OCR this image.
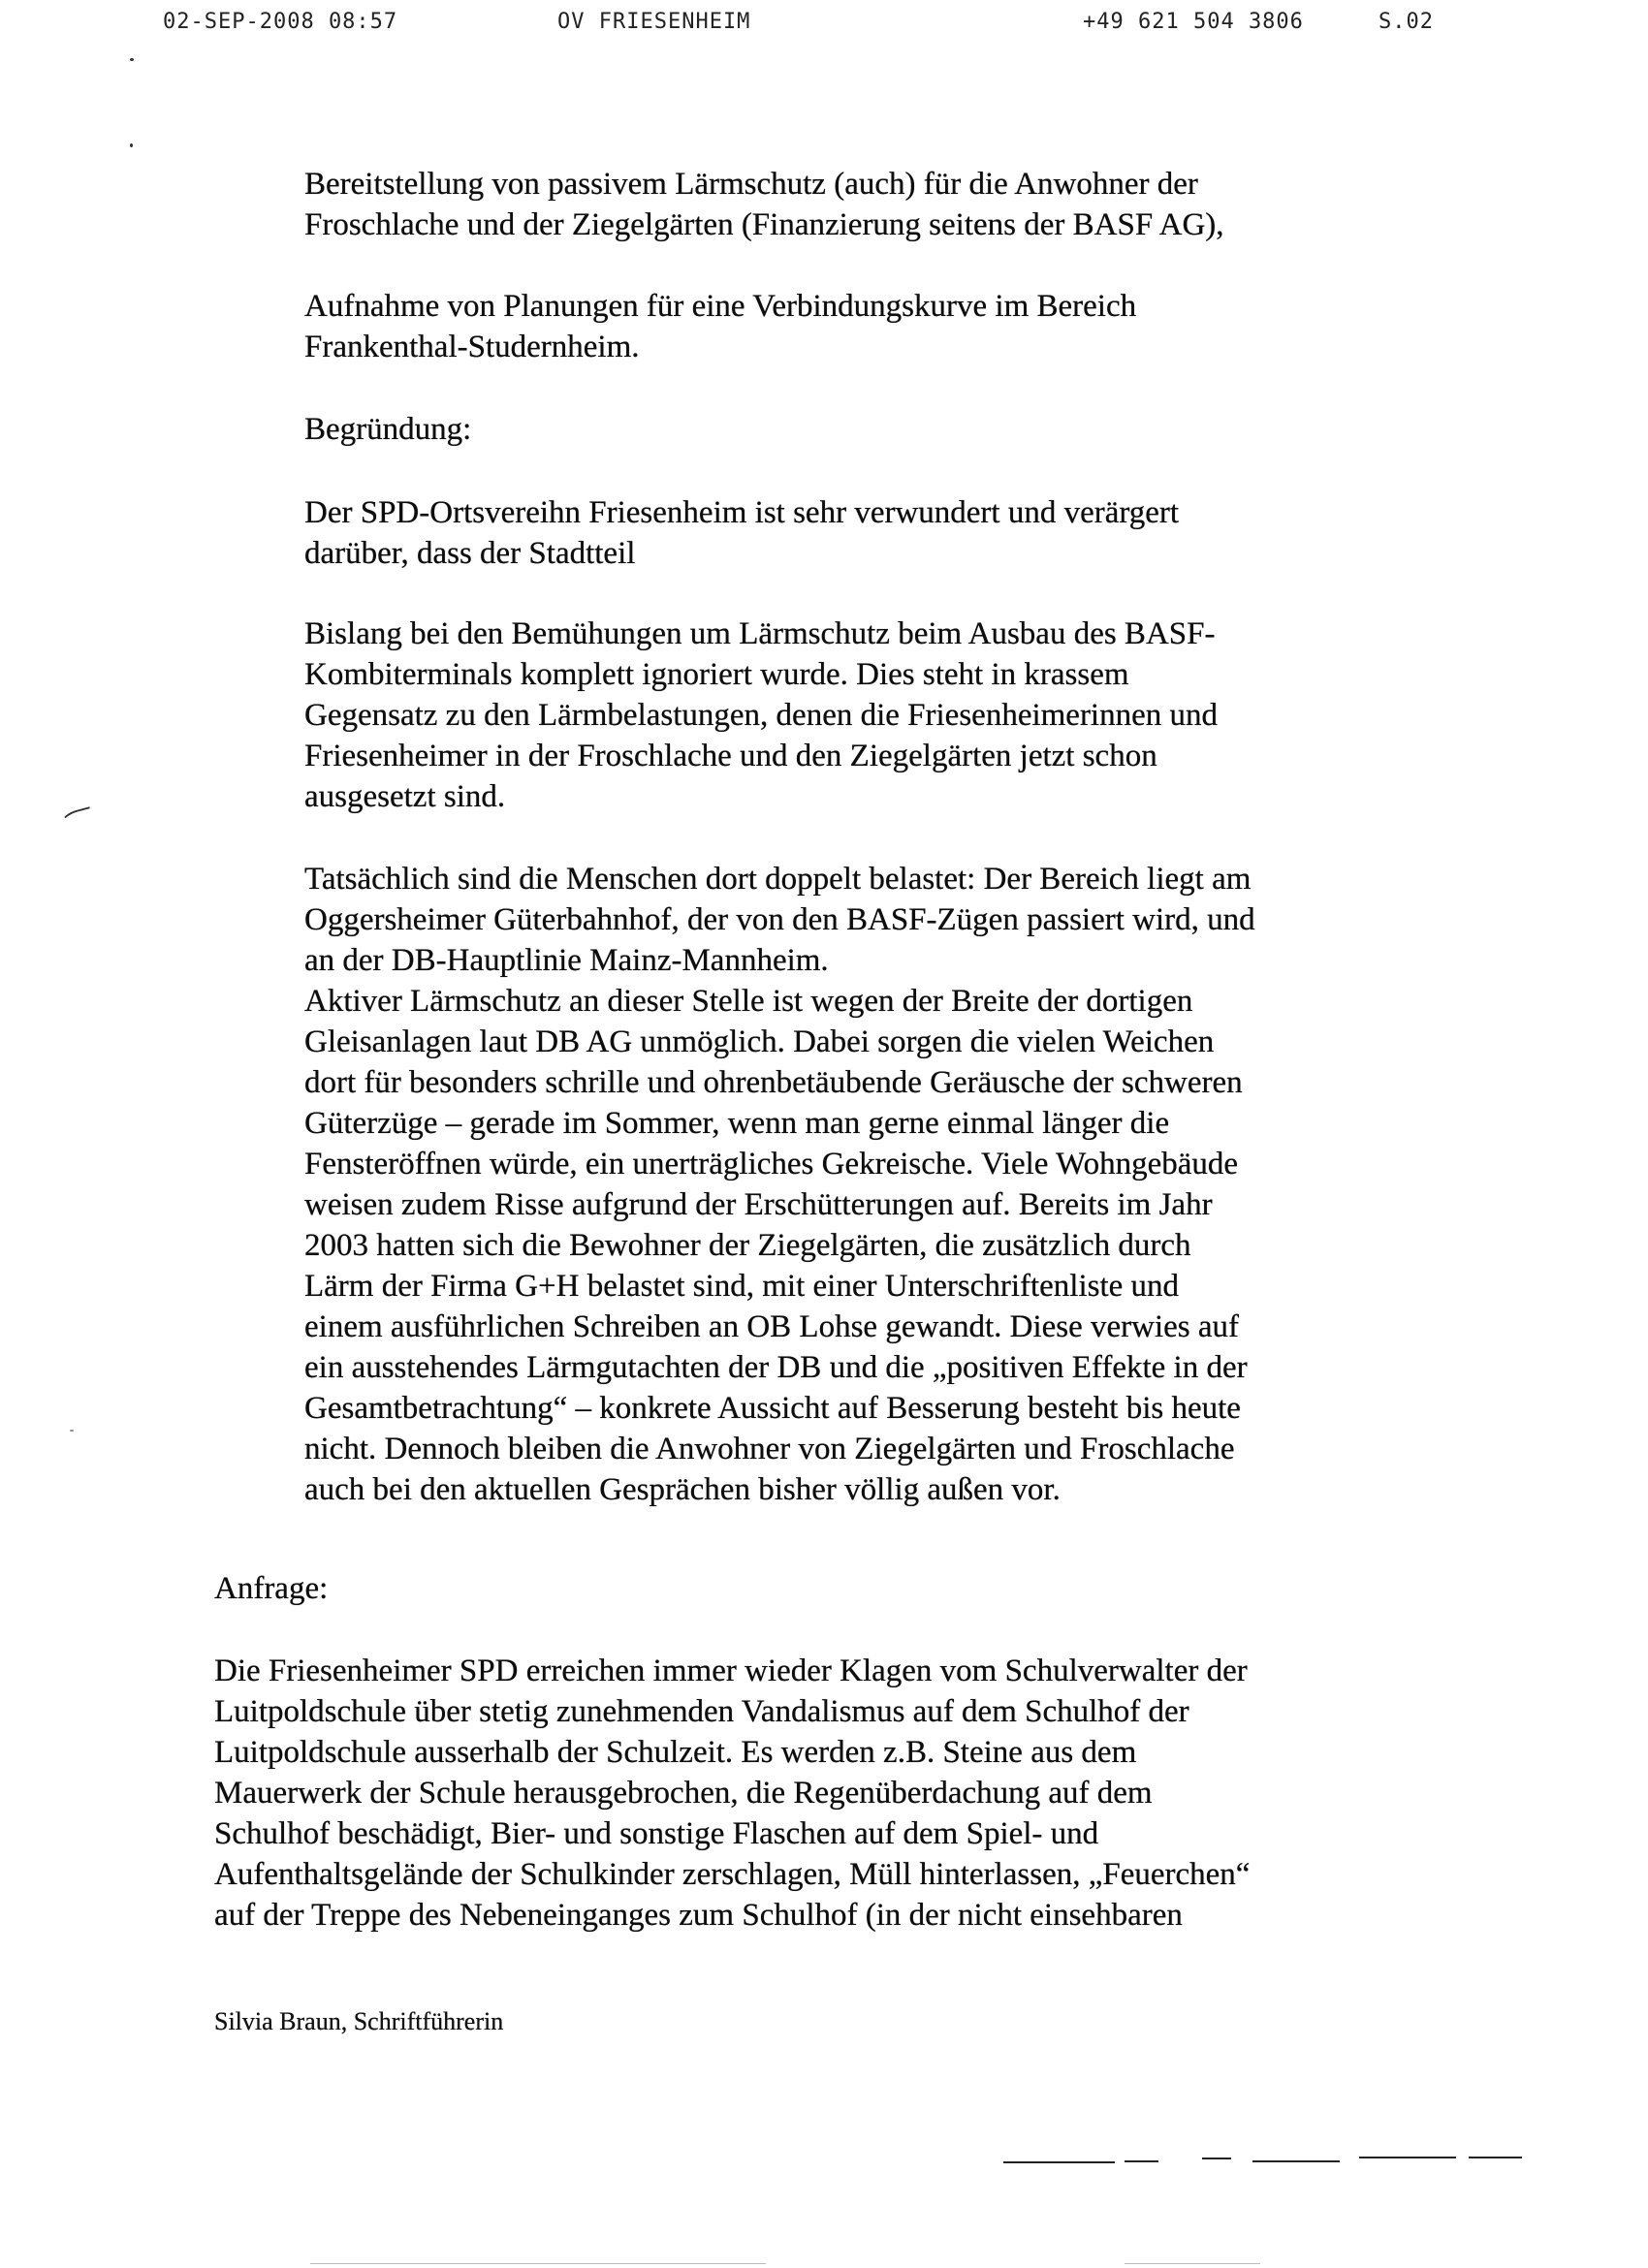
02-SEP-2008 08:57	OV FRIESENHEIM	+49 621 504 3806	S.02

Bereitstellung von passivem Lärmschutz (auch) für die Anwohner der
Froschlache und der Ziegelgärten (Finanzierung seitens der BASF AG),

Aufnahme von Planungen für eine Verbindungskurve im Bereich
Frankenthal-Studernheim.

Begründung:

Der SPD-Ortsvereihn Friesenheim ist sehr verwundert und verärgert
darüber, dass der Stadtteil

Bislang bei den Bemühungen um Lärmschutz beim Ausbau des BASF-
Kombiterminals komplett ignoriert wurde. Dies steht in krassem
Gegensatz zu den Lärmbelastungen, denen die Friesenheimerinnen und
Friesenheimer in der Froschlache und den Ziegelgärten jetzt schon
ausgesetzt sind.

Tatsächlich sind die Menschen dort doppelt belastet: Der Bereich liegt am
Oggersheimer Güterbahnhof, der von den BASF-Zügen passiert wird, und
an der DB-Hauptlinie Mainz-Mannheim.
Aktiver Lärmschutz an dieser Stelle ist wegen der Breite der dortigen
Gleisanlagen laut DB AG unmöglich. Dabei sorgen die vielen Weichen
dort für besonders schrille und ohrenbetäubende Geräusche der schweren
Güterzüge – gerade im Sommer, wenn man gerne einmal länger die
Fensteröffnen würde, ein unerträgliches Gekreische. Viele Wohngebäude
weisen zudem Risse aufgrund der Erschütterungen auf. Bereits im Jahr
2003 hatten sich die Bewohner der Ziegelgärten, die zusätzlich durch
Lärm der Firma G+H belastet sind, mit einer Unterschriftenliste und
einem ausführlichen Schreiben an OB Lohse gewandt. Diese verwies auf
ein ausstehendes Lärmgutachten der DB und die „positiven Effekte in der
Gesamtbetrachtung“ – konkrete Aussicht auf Besserung besteht bis heute
nicht. Dennoch bleiben die Anwohner von Ziegelgärten und Froschlache
auch bei den aktuellen Gesprächen bisher völlig außen vor.

Anfrage:

Die Friesenheimer SPD erreichen immer wieder Klagen vom Schulverwalter der
Luitpoldschule über stetig zunehmenden Vandalismus auf dem Schulhof der
Luitpoldschule ausserhalb der Schulzeit. Es werden z.B. Steine aus dem
Mauerwerk der Schule herausgebrochen, die Regenüberdachung auf dem
Schulhof beschädigt, Bier- und sonstige Flaschen auf dem Spiel- und
Aufenthaltsgelände der Schulkinder zerschlagen, Müll hinterlassen, „Feuerchen“
auf der Treppe des Nebeneinganges zum Schulhof (in der nicht einsehbaren

Silvia Braun, Schriftführerin
